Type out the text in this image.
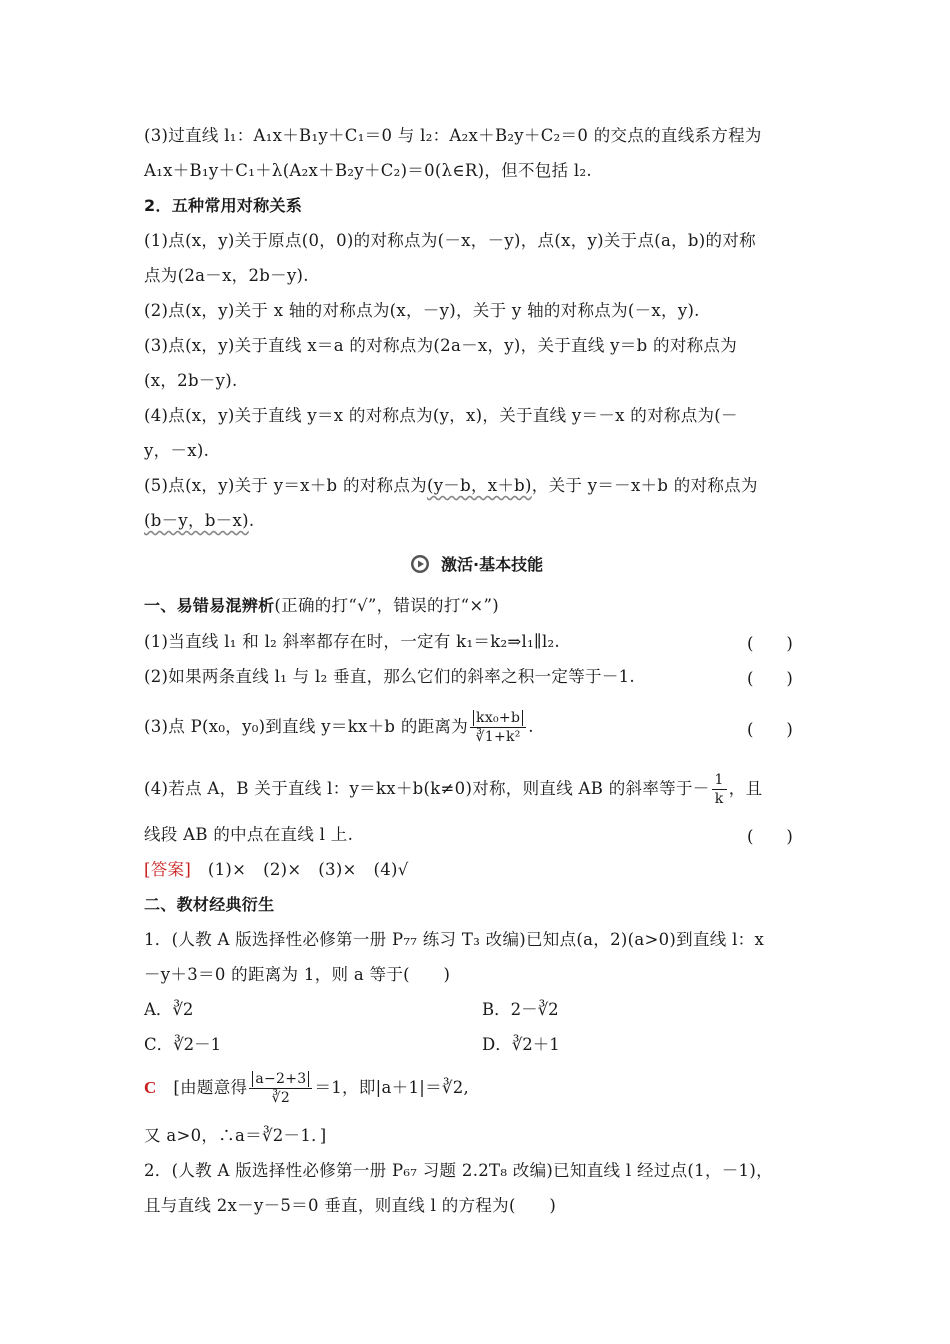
(3)过直线 l₁：A₁x＋B₁y＋C₁＝0 与 l₂：A₂x＋B₂y＋C₂＝0 的交点的直线系方程为
A₁x＋B₁y＋C₁＋λ(A₂x＋B₂y＋C₂)＝0(λ∈R)，但不包括 l₂.
2．五种常用对称关系
(1)点(x，y)关于原点(0，0)的对称点为(－x，－y)，点(x，y)关于点(a，b)的对称
点为(2a－x，2b－y).
(2)点(x，y)关于 x 轴的对称点为(x，－y)，关于 y 轴的对称点为(－x，y).
(3)点(x，y)关于直线 x＝a 的对称点为(2a－x，y)，关于直线 y＝b 的对称点为
(x，2b－y).
(4)点(x，y)关于直线 y＝x 的对称点为(y，x)，关于直线 y＝－x 的对称点为(－
y，－x).
(5)点(x，y)关于 y＝x＋b 的对称点为(y－b，x＋b)，关于 y＝－x＋b 的对称点为
(b－y，b－x).
激活·基本技能
一、易错易混辨析(正确的打“√”，错误的打“×”)
(1)当直线 l₁ 和 l₂ 斜率都存在时，一定有 k₁＝k₂⇒l₁∥l₂.	(　　)
(2)如果两条直线 l₁ 与 l₂ 垂直，那么它们的斜率之积一定等于－1.	(　　)
(3)点 P(x₀，y₀)到直线 y＝kx＋b 的距离为 $\frac{\text{kx₀+b}}{\text{∛1+k²}}$ .	(　　)
(4)若点 A，B 关于直线 l：y＝kx＋b(k≠0)对称，则直线 AB 的斜率等于－ $\frac{1}{k}$ ，且
线段 AB 的中点在直线 l 上.	(　　)
[答案]　 (1)×　(2)×　(3)×　(4)√
二、教材经典衍生
1．(人教 A 版选择性必修第一册 P₇₇ 练习 T₃ 改编)已知点(a，2)(a>0)到直线 l：x
－y＋3＝0 的距离为 1，则 a 等于(　　)
A．∛2	B．2－∛2
C．∛2－1	D．∛2＋1
C　 [由题意得 $\frac{a-2+3}{∛2} =1$，即|a＋1|＝∛2,
又 a>0，∴a＝∛2－1．]
2．(人教 A 版选择性必修第一册 P₆₇ 习题 2.2T₈ 改编)已知直线 l 经过点(1，－1)，
且与直线 2x－y－5＝0 垂直，则直线 l 的方程为(　　)
